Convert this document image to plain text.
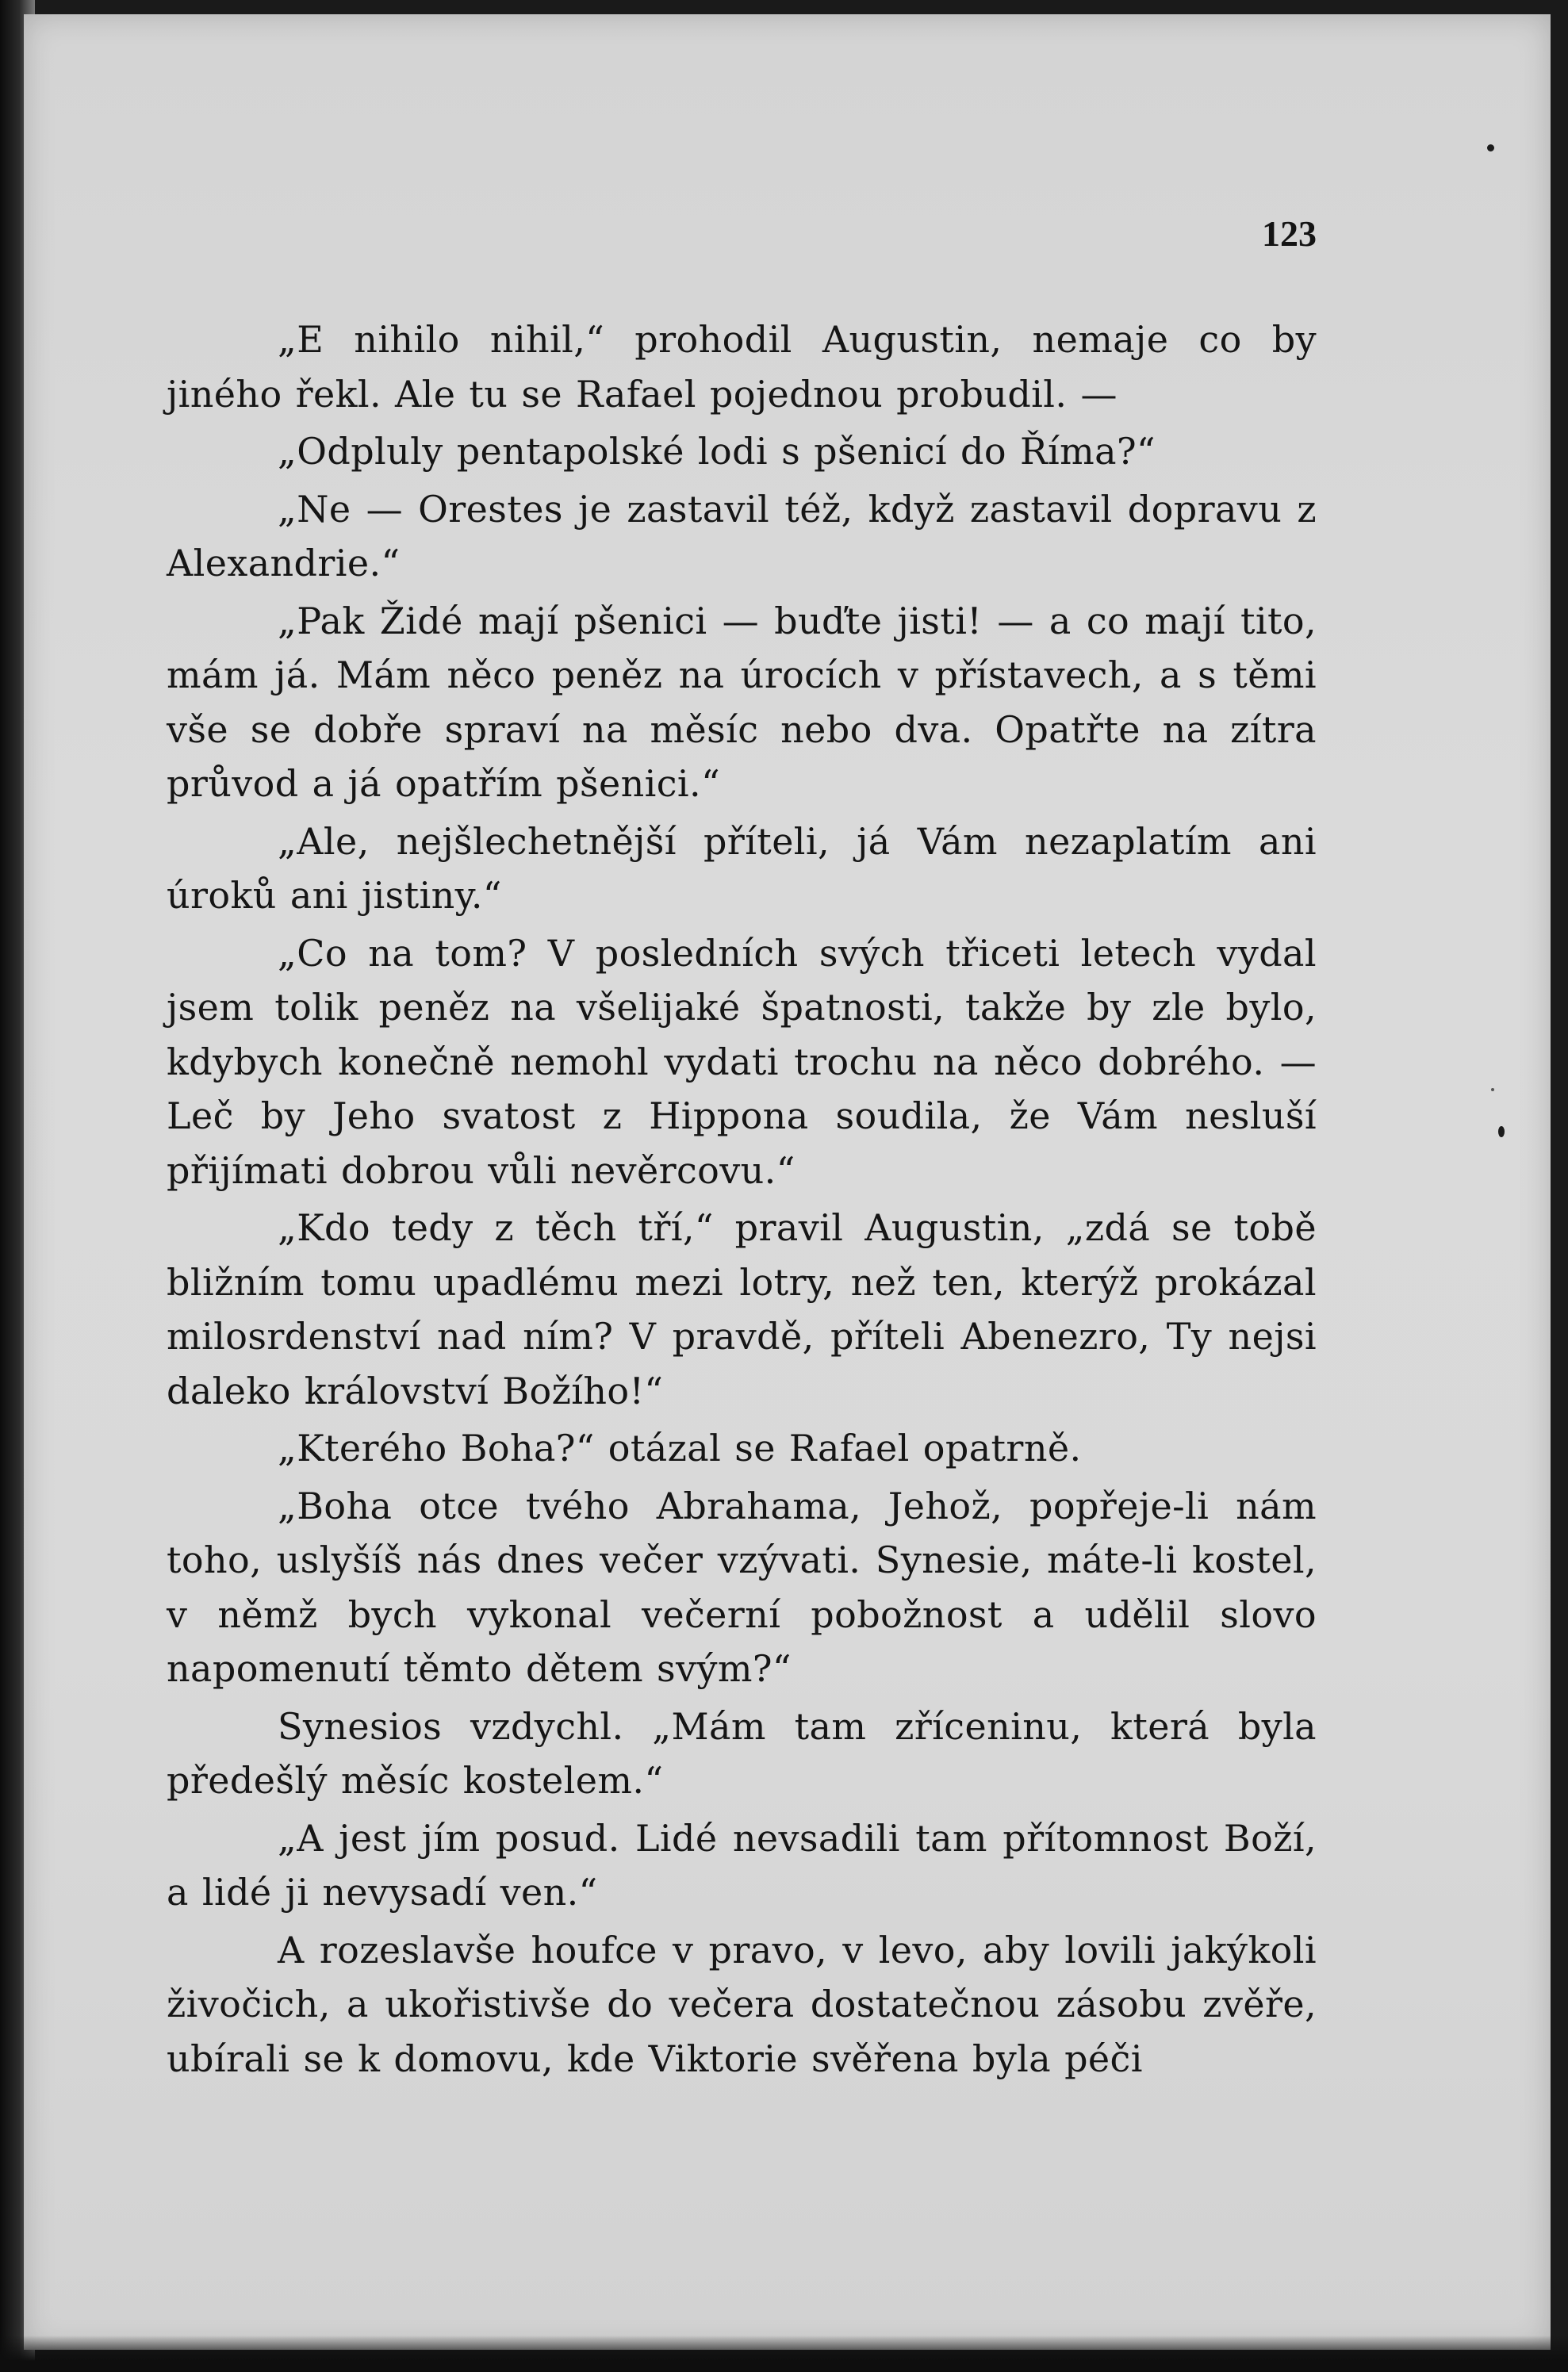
123

„E nihilo nihil,“ prohodil Augustin, nemaje co by jiného řekl. Ale tu se Rafael pojednou probudil. —

„Odpluly pentapolské lodi s pšenicí do Říma?“

„Ne — Orestes je zastavil též, když zastavil dopravu z Alexandrie.“

„Pak Židé mají pšenici — buďte jisti! — a co mají tito, mám já. Mám něco peněz na úrocích v přístavech, a s těmi vše se dobře spraví na měsíc nebo dva. Opatřte na zítra průvod a já opatřím pšenici.“

„Ale, nejšlechetnější příteli, já Vám nezaplatím ani úroků ani jistiny.“

„Co na tom? V posledních svých třiceti letech vydal jsem tolik peněz na všelijaké špatnosti, takže by zle bylo, kdybych konečně nemohl vydati trochu na něco dobrého. — Leč by Jeho svatost z Hippona soudila, že Vám nesluší přijímati dobrou vůli nevěrcovu.“

„Kdo tedy z těch tří,“ pravil Augustin, „zdá se tobě bližním tomu upadlému mezi lotry, než ten, kterýž prokázal milosrdenství nad ním? V pravdě, příteli Abenezro, Ty nejsi daleko království Božího!“

„Kterého Boha?“ otázal se Rafael opatrně.

„Boha otce tvého Abrahama, Jehož, popřeje-li nám toho, uslyšíš nás dnes večer vzývati. Synesie, máte-li kostel, v němž bych vykonal večerní pobožnost a udělil slovo napomenutí těmto dětem svým?“

Synesios vzdychl. „Mám tam zříceninu, která byla předešlý měsíc kostelem.“

„A jest jím posud. Lidé nevsadili tam přítomnost Boží, a lidé ji nevysadí ven.“

A rozeslavše houfce v pravo, v levo, aby lovili jakýkoli živočich, a ukořistivše do večera dostatečnou zásobu zvěře, ubírali se k domovu, kde Viktorie svěřena byla péči
